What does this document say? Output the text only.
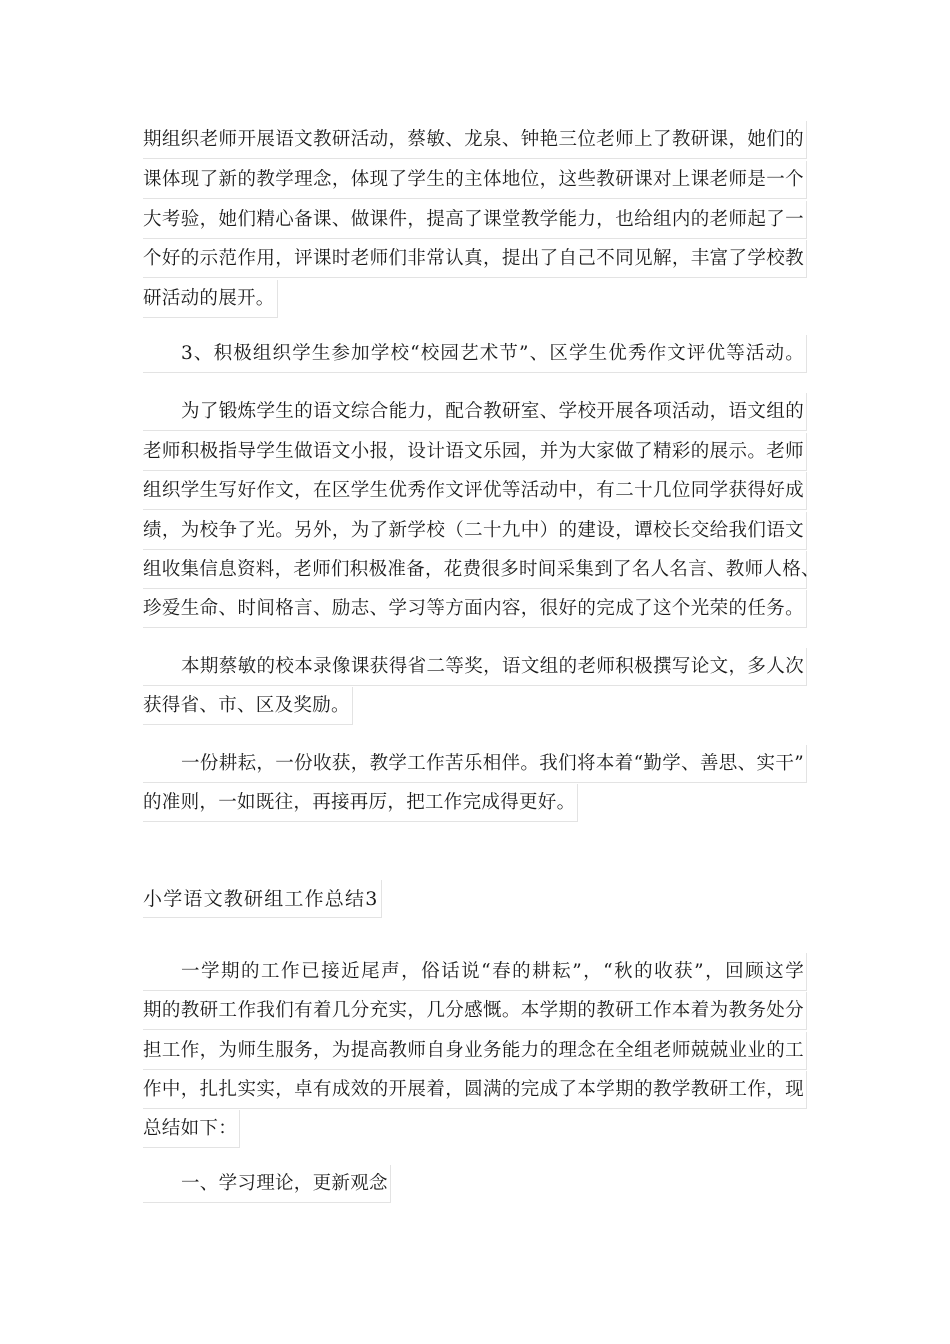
期组织老师开展语文教研活动，蔡敏、龙泉、钟艳三位老师上了教研课，她们的
课体现了新的教学理念，体现了学生的主体地位，这些教研课对上课老师是一个
大考验，她们精心备课、做课件，提高了课堂教学能力，也给组内的老师起了一
个好的示范作用，评课时老师们非常认真，提出了自己不同见解，丰富了学校教
研活动的展开。
3、积极组织学生参加学校“校园艺术节”、区学生优秀作文评优等活动。
为了锻炼学生的语文综合能力，配合教研室、学校开展各项活动，语文组的
老师积极指导学生做语文小报，设计语文乐园，并为大家做了精彩的展示。老师
组织学生写好作文，在区学生优秀作文评优等活动中，有二十几位同学获得好成
绩，为校争了光。另外，为了新学校（二十九中）的建设，谭校长交给我们语文
组收集信息资料，老师们积极准备，花费很多时间采集到了名人名言、教师人格、
珍爱生命、时间格言、励志、学习等方面内容，很好的完成了这个光荣的任务。
本期蔡敏的校本录像课获得省二等奖，语文组的老师积极撰写论文，多人次
获得省、市、区及奖励。
一份耕耘，一份收获，教学工作苦乐相伴。我们将本着“勤学、善思、实干”
的准则，一如既往，再接再厉，把工作完成得更好。
小学语文教研组工作总结3
一学期的工作已接近尾声，俗话说“春的耕耘”，“秋的收获”，回顾这学
期的教研工作我们有着几分充实，几分感慨。本学期的教研工作本着为教务处分
担工作，为师生服务，为提高教师自身业务能力的理念在全组老师兢兢业业的工
作中，扎扎实实，卓有成效的开展着，圆满的完成了本学期的教学教研工作，现
总结如下：
一、学习理论，更新观念
